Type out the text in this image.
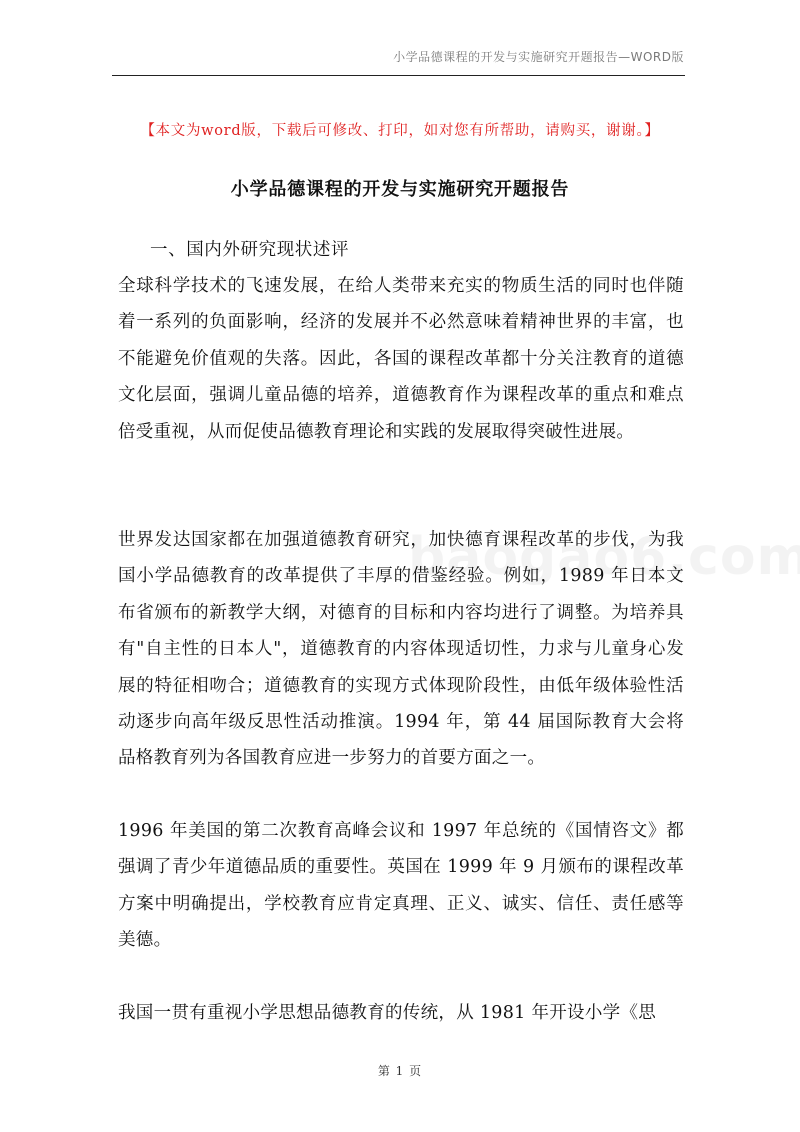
小学品德课程的开发与实施研究开题报告—WORD版
【本文为word版，下载后可修改、打印，如对您有所帮助，请购买，谢谢。】
小学品德课程的开发与实施研究开题报告
一、国内外研究现状述评

全球科学技术的飞速发展，在给人类带来充实的物质生活的同时也伴随着一系列的负面影响，经济的发展并不必然意味着精神世界的丰富，也不能避免价值观的失落。因此，各国的课程改革都十分关注教育的道德文化层面，强调儿童品德的培养，道德教育作为课程改革的重点和难点倍受重视，从而促使品德教育理论和实践的发展取得突破性进展。

世界发达国家都在加强道德教育研究，加快德育课程改革的步伐，为我国小学品德教育的改革提供了丰厚的借鉴经验。例如，1989 年日本文布省颁布的新教学大纲，对德育的目标和内容均进行了调整。为培养具有"自主性的日本人"，道德教育的内容体现适切性，力求与儿童身心发展的特征相吻合；道德教育的实现方式体现阶段性，由低年级体验性活动逐步向高年级反思性活动推演。1994 年，第 44 届国际教育大会将品格教育列为各国教育应进一步努力的首要方面之一。

1996 年美国的第二次教育高峰会议和 1997 年总统的《国情咨文》都强调了青少年道德品质的重要性。英国在 1999 年 9 月颁布的课程改革方案中明确提出，学校教育应肯定真理、正义、诚实、信任、责任感等美德。

我国一贯有重视小学思想品德教育的传统，从 1981 年开设小学《思

第 1 页
